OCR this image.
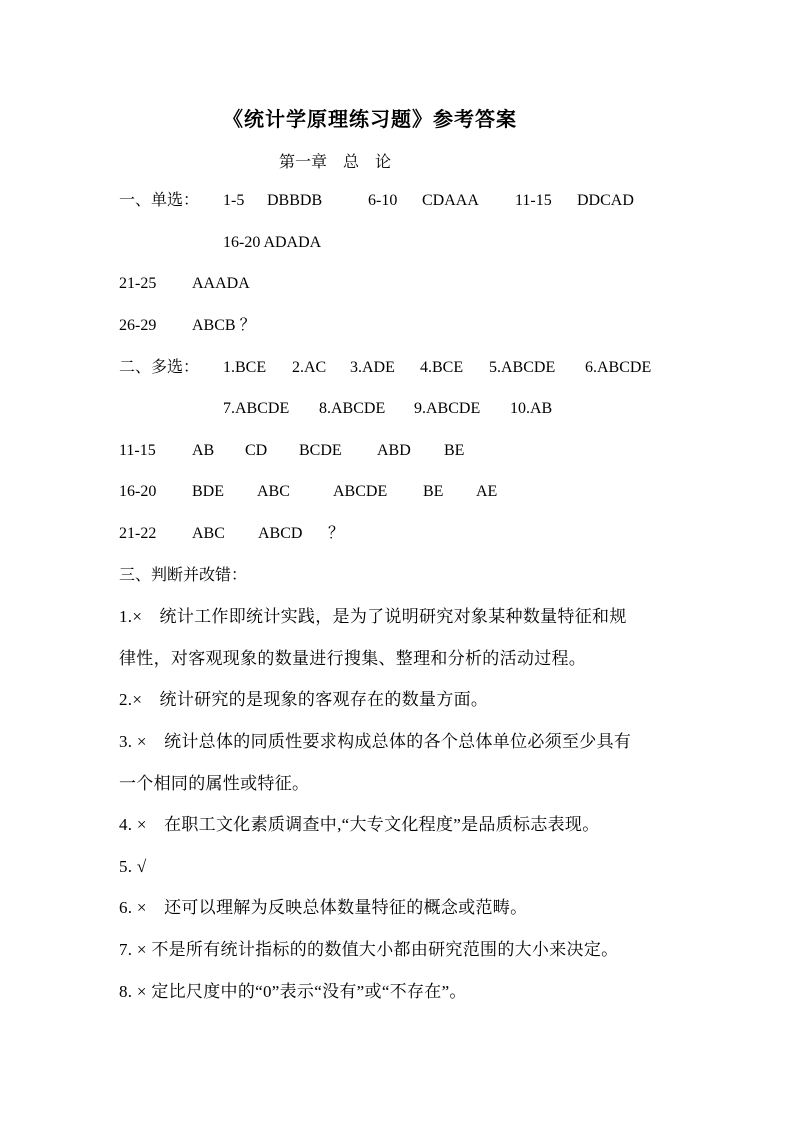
《统计学原理练习题》参考答案
第一章　总　论
一、单选： 1-5 DBBDB	6-10 CDAAA 11-15 DDCAD
16-20 ADADA
21-25 AAADA
26-29 ABCB ？
二、多选： 1.BCE 2.AC 3.ADE 4.BCE 5.ABCDE 6.ABCDE
7.ABCDE 8.ABCDE 9.ABCDE 10.AB
11-15 AB CD BCDE ABD BE
16-20 BDE ABC	ABCDE BE AE
21-22 ABC ABCD ？
三、判断并改错：
1.×　统计工作即统计实践，是为了说明研究对象某种数量特征和规
律性，对客观现象的数量进行搜集、整理和分析的活动过程。
2.×　统计研究的是现象的客观存在的数量方面。
3. ×　统计总体的同质性要求构成总体的各个总体单位必须至少具有
一个相同的属性或特征。
4. ×　在职工文化素质调查中,“大专文化程度”是品质标志表现。
5. √
6. ×　还可以理解为反映总体数量特征的概念或范畴。
7. × 不是所有统计指标的的数值大小都由研究范围的大小来决定。
8. × 定比尺度中的“0”表示“没有”或“不存在”。
